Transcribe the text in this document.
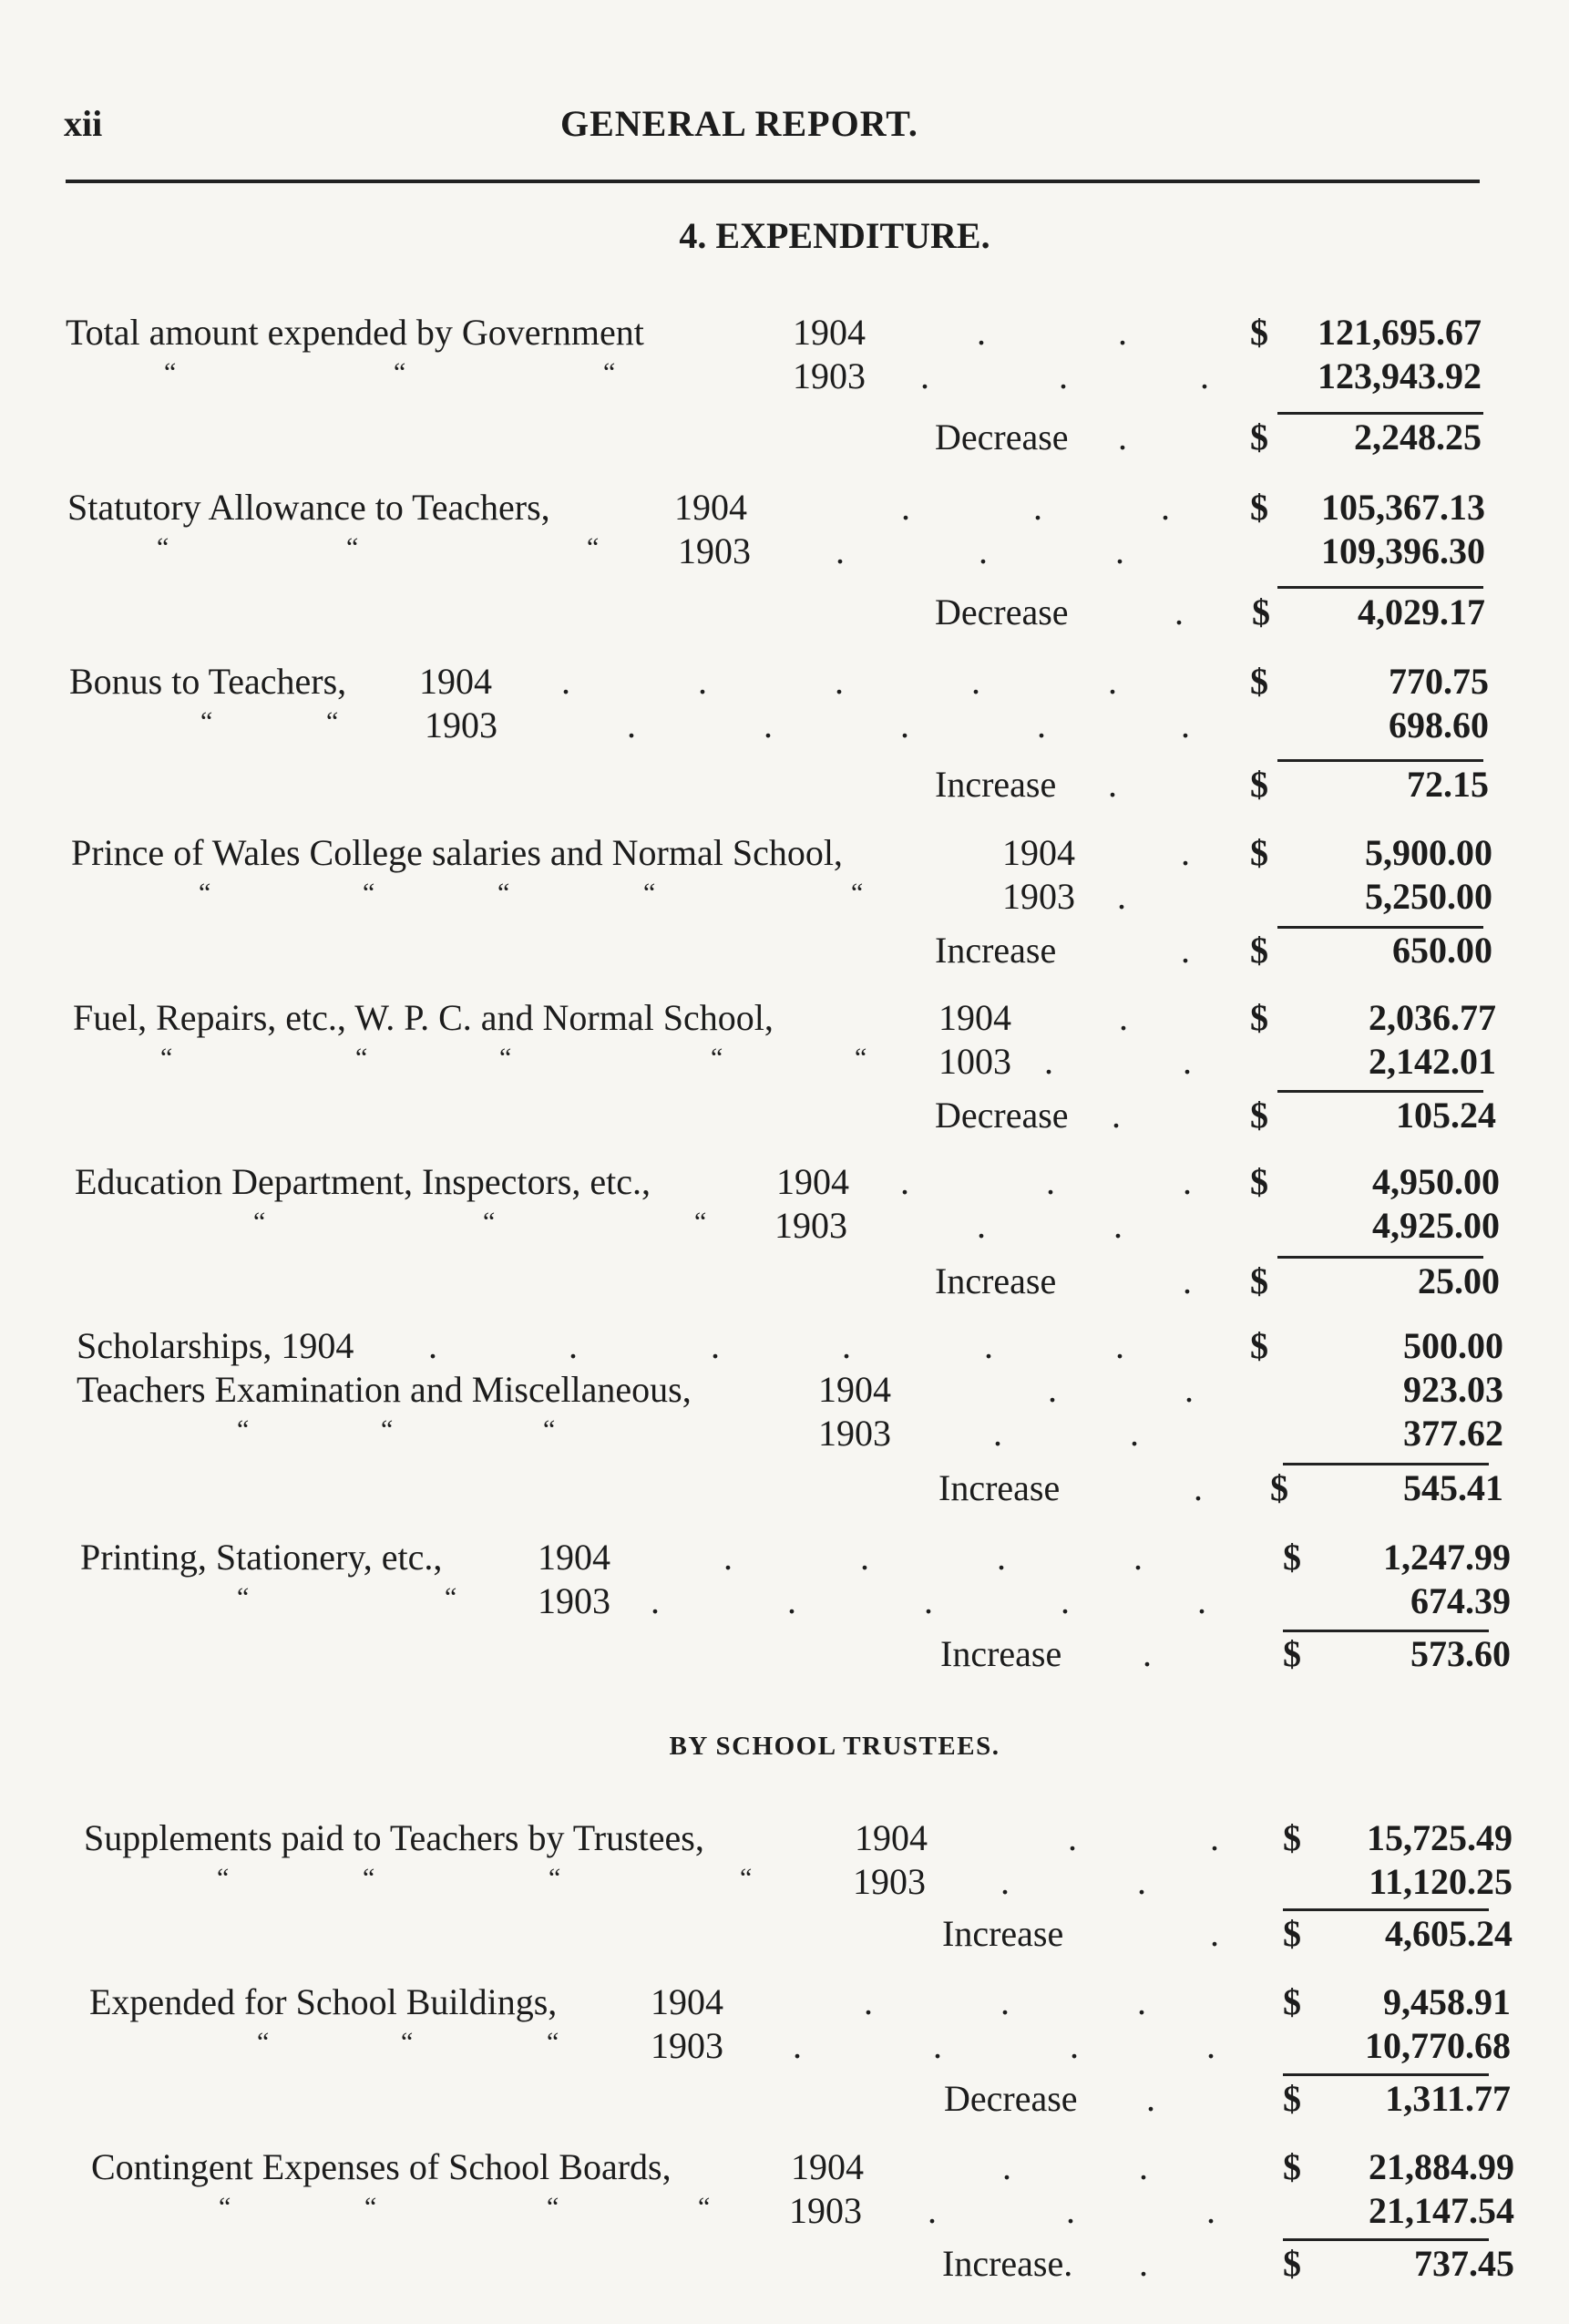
xii	GENERAL REPORT.
4. EXPENDITURE.
Total amount expended by Government	1904	.	.	$ 121,695.67
“	“	“	1903 .	.	.	123,943.92
Decrease .	$ 2,248.25
Statutory Allowance to Teachers,	1904	.	.	. $ 105,367.13
“	“	“ 1903 .	.	.	109,396.30
Decrease	. $ 4,029.17
Bonus to Teachers, 1904 .	.	.	.	.	$	770.75
“	“ 1903	.	.	.	.	.	698.60
Increase .	$	72.15
Prince of Wales College salaries and Normal School,	1904	. $	5,900.00
“	“	“	“	“	1903 .	5,250.00
Increase	. $	650.00
Fuel, Repairs, etc., W. P. C. and Normal School,	1904	.	$	2,036.77
“	“	“	“	“ 1003 .	.	2,142.01
Decrease .	$	105.24
Education Department, Inspectors, etc.,	1904 .	.	. $	4,950.00
“	“	“ 1903	.	.	4,925.00
Increase	. $	25.00
Scholarships, 1904 .	.	.	.	.	.	$	500.00
Teachers Examination and Miscellaneous,	1904	.	.	923.03
“	“	“	1903	.	.	377.62
Increase	. $	545.41
Printing, Stationery, etc.,	1904	.	.	.	.	$ 1,247.99
“	“ 1903 .	.	.	.	.	674.39
Increase .	$	573.60
BY SCHOOL TRUSTEES.
Supplements paid to Teachers by Trustees,	1904	.	. $ 15,725.49
“	“	“	“	1903 .	.	11,120.25
Increase	. $ 4,605.24
Expended for School Buildings,	1904	.	.	.	$ 9,458.91
“	“	“	1903 .	.	.	.	10,770.68
Decrease .	$ 1,311.77
Contingent Expenses of School Boards,	1904	.	.	$ 21,884.99
“	“	“	“ 1903 .	.	.	21,147.54
Increase. .	$	737.45
